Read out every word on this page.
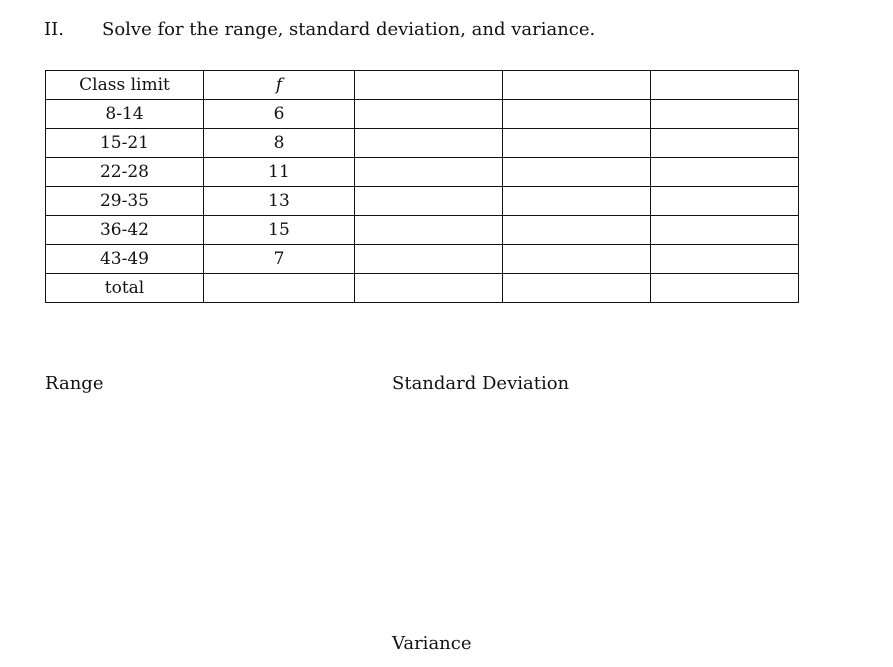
II. Solve for the range, standard deviation, and variance.
Class limit	f			
8-14	6			
15-21	8			
22-28	11			
29-35	13			
36-42	15			
43-49	7			
total				
Range	Standard Deviation
Variance
